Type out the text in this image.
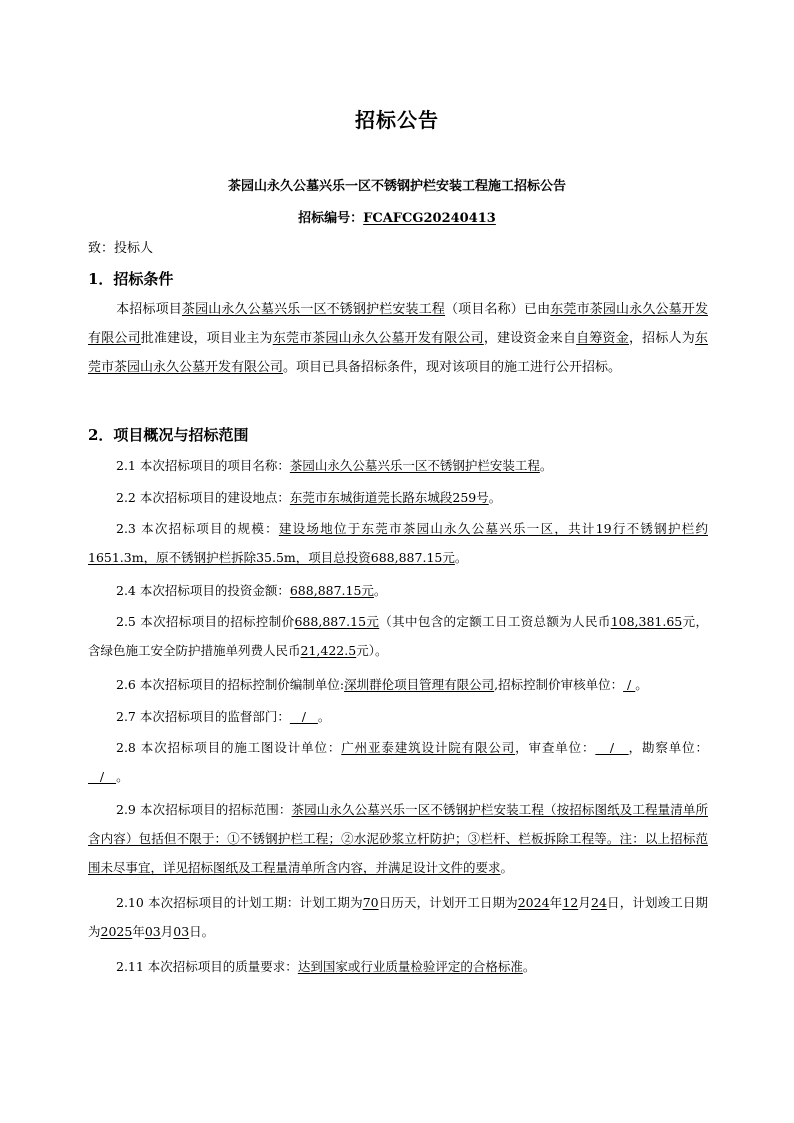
招标公告
茶园山永久公墓兴乐一区不锈钢护栏安装工程施工招标公告
招标编号：FCAFCG20240413
致：投标人
1．招标条件
本招标项目茶园山永久公墓兴乐一区不锈钢护栏安装工程（项目名称）已由东莞市茶园山永久公墓开发有限公司批准建设，项目业主为东莞市茶园山永久公墓开发有限公司，建设资金来自自筹资金，招标人为东莞市茶园山永久公墓开发有限公司。项目已具备招标条件，现对该项目的施工进行公开招标。
2．项目概况与招标范围
2.1 本次招标项目的项目名称：茶园山永久公墓兴乐一区不锈钢护栏安装工程。
2.2 本次招标项目的建设地点：东莞市东城街道莞长路东城段259号。
2.3 本次招标项目的规模：建设场地位于东莞市茶园山永久公墓兴乐一区，共计19行不锈钢护栏约1651.3m，原不锈钢护栏拆除35.5m，项目总投资688,887.15元。
2.4 本次招标项目的投资金额：688,887.15元。
2.5 本次招标项目的招标控制价688,887.15元（其中包含的定额工日工资总额为人民币108,381.65元，含绿色施工安全防护措施单列费人民币21,422.5元）。
2.6 本次招标项目的招标控制价编制单位:深圳群伦项目管理有限公司,招标控制价审核单位： / 。
2.7 本次招标项目的监督部门：   /   。
2.8 本次招标项目的施工图设计单位：广州亚泰建筑设计院有限公司，审查单位：   /   ，勘察单位：   /   。
2.9 本次招标项目的招标范围：茶园山永久公墓兴乐一区不锈钢护栏安装工程（按招标图纸及工程量清单所含内容）包括但不限于：①不锈钢护栏工程；②水泥砂浆立杆防护；③栏杆、栏板拆除工程等。注：以上招标范围未尽事宜，详见招标图纸及工程量清单所含内容，并满足设计文件的要求。
2.10 本次招标项目的计划工期：计划工期为70日历天，计划开工日期为2024年12月24日，计划竣工日期为2025年03月03日。
2.11 本次招标项目的质量要求：达到国家或行业质量检验评定的合格标准。
